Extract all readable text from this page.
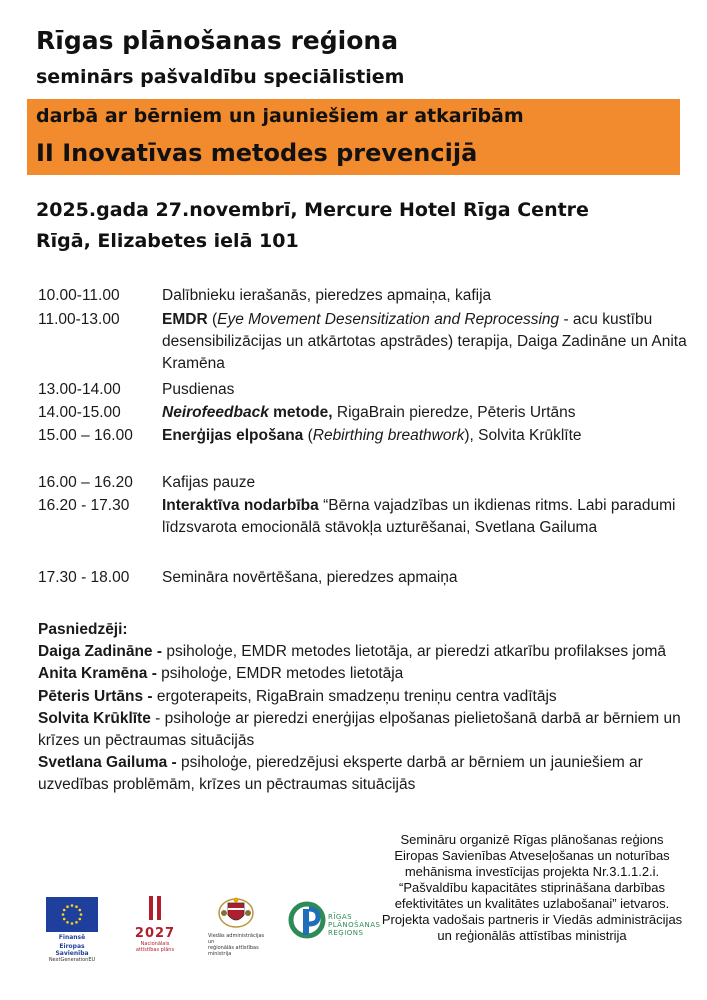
Rīgas plānošanas reģiona
seminārs pašvaldību speciālistiem
darbā ar bērniem un jauniešiem ar atkarībām
II Inovatīvas metodes prevencijā
2025.gada 27.novembrī, Mercure Hotel Rīga Centre
Rīgā, Elizabetes ielā 101
10.00-11.00	Dalībnieku ierašanās, pieredzes apmaiņa, kafija
11.00-13.00	EMDR (Eye Movement Desensitization and Reprocessing - acu kustību desensibilizācijas un atkārtotas apstrādes) terapija, Daiga Zadināne un Anita Kramēna
13.00-14.00	Pusdienas
14.00-15.00	Neirofeedback metode, RigaBrain pieredze, Pēteris Urtāns
15.00 – 16.00	Enerģijas elpošana (Rebirthing breathwork), Solvita Krūklīte
16.00 – 16.20	Kafijas pauze
16.20 - 17.30	Interaktīva nodarbība “Bērna vajadzības un ikdienas ritms. Labi paradumi līdzsvarota emocionālā stāvokļa uzturēšanai, Svetlana Gailuma
17.30 - 18.00	Semināra novērtēšana, pieredzes apmaiņa
Pasniedzēji:
Daiga Zadināne - psiholoģe, EMDR metodes lietotāja, ar pieredzi atkarību profilakses jomā
Anita Kramēna - psiholoģe, EMDR metodes lietotāja
Pēteris Urtāns - ergoterapeits, RigaBrain smadzeņu treniņu centra vadītājs
Solvita Krūklīte - psiholoģe ar pieredzi enerģijas elpošanas pielietošanā darbā ar bērniem un krīzes un pēctraumas situācijās
Svetlana Gailuma - psiholoģe, pieredzējusi eksperte darbā ar bērniem un jauniešiem ar uzvedības problēmām, krīzes un pēctraumas situācijās
Semināru organizē Rīgas plānošanas reģions Eiropas Savienības Atveseļošanas un noturības mehānisma investīcijas projekta Nr.3.1.1.2.i. “Pašvaldību kapacitātes stiprināšana darbības efektivitātes un kvalitātes uzlabošanai” ietvaros. Projekta vadošais partneris ir Viedās administrācijas un reģionālās attīstības ministrija
Finansē
Eiropas Savienība
NextGenerationEU
2027
Nacionālais
attīstības plāns
Viedās administrācijas un
reģionālās attīstības
ministrija
RĪGAS
PLĀNOŠANAS
REĢIONS
